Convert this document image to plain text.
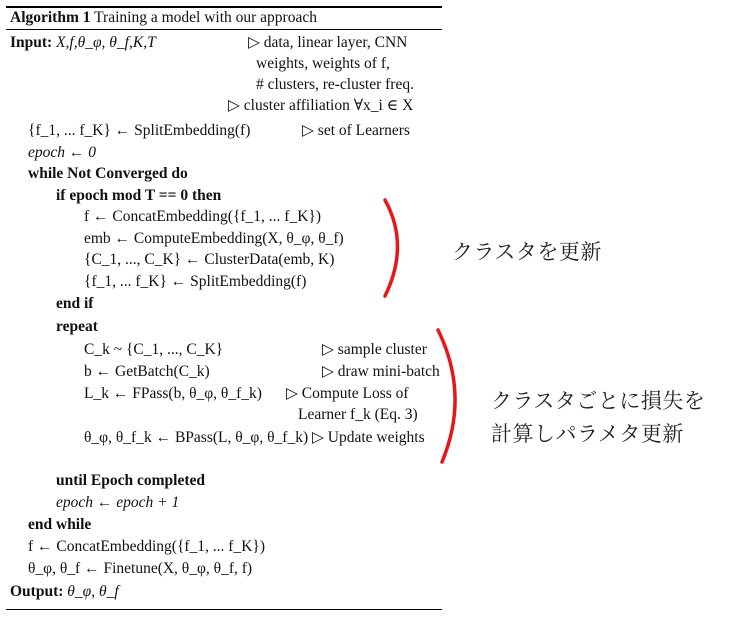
Algorithm 1 Training a model with our approach
Input: X,f,θ_φ, θ_f,K,T	▷ data, linear layer, CNN
weights, weights of f,
# clusters, re-cluster freq.
▷ cluster affiliation ∀x_i ∈ X
{f_1, ... f_K} ← SplitEmbedding(f)	▷ set of Learners
epoch ← 0
while Not Converged do
if epoch mod T == 0 then
f ← ConcatEmbedding({f_1, ... f_K})
emb ← ComputeEmbedding(X, θ_φ, θ_f)
{C_1, ..., C_K} ← ClusterData(emb, K)
{f_1, ... f_K} ← SplitEmbedding(f)
end if
repeat
C_k ~ {C_1, ..., C_K}	▷ sample cluster
b ← GetBatch(C_k)	▷ draw mini-batch
L_k ← FPass(b, θ_φ, θ_f_k) ▷ Compute Loss of
Learner f_k (Eq. 3)
θ_φ, θ_f_k ← BPass(L, θ_φ, θ_f_k) ▷ Update weights
until Epoch completed
epoch ← epoch + 1
end while
f ← ConcatEmbedding({f_1, ... f_K})
θ_φ, θ_f ← Finetune(X, θ_φ, θ_f, f)
Output: θ_φ, θ_f
クラスタを更新
クラスタごとに損失を
計算しパラメタ更新
